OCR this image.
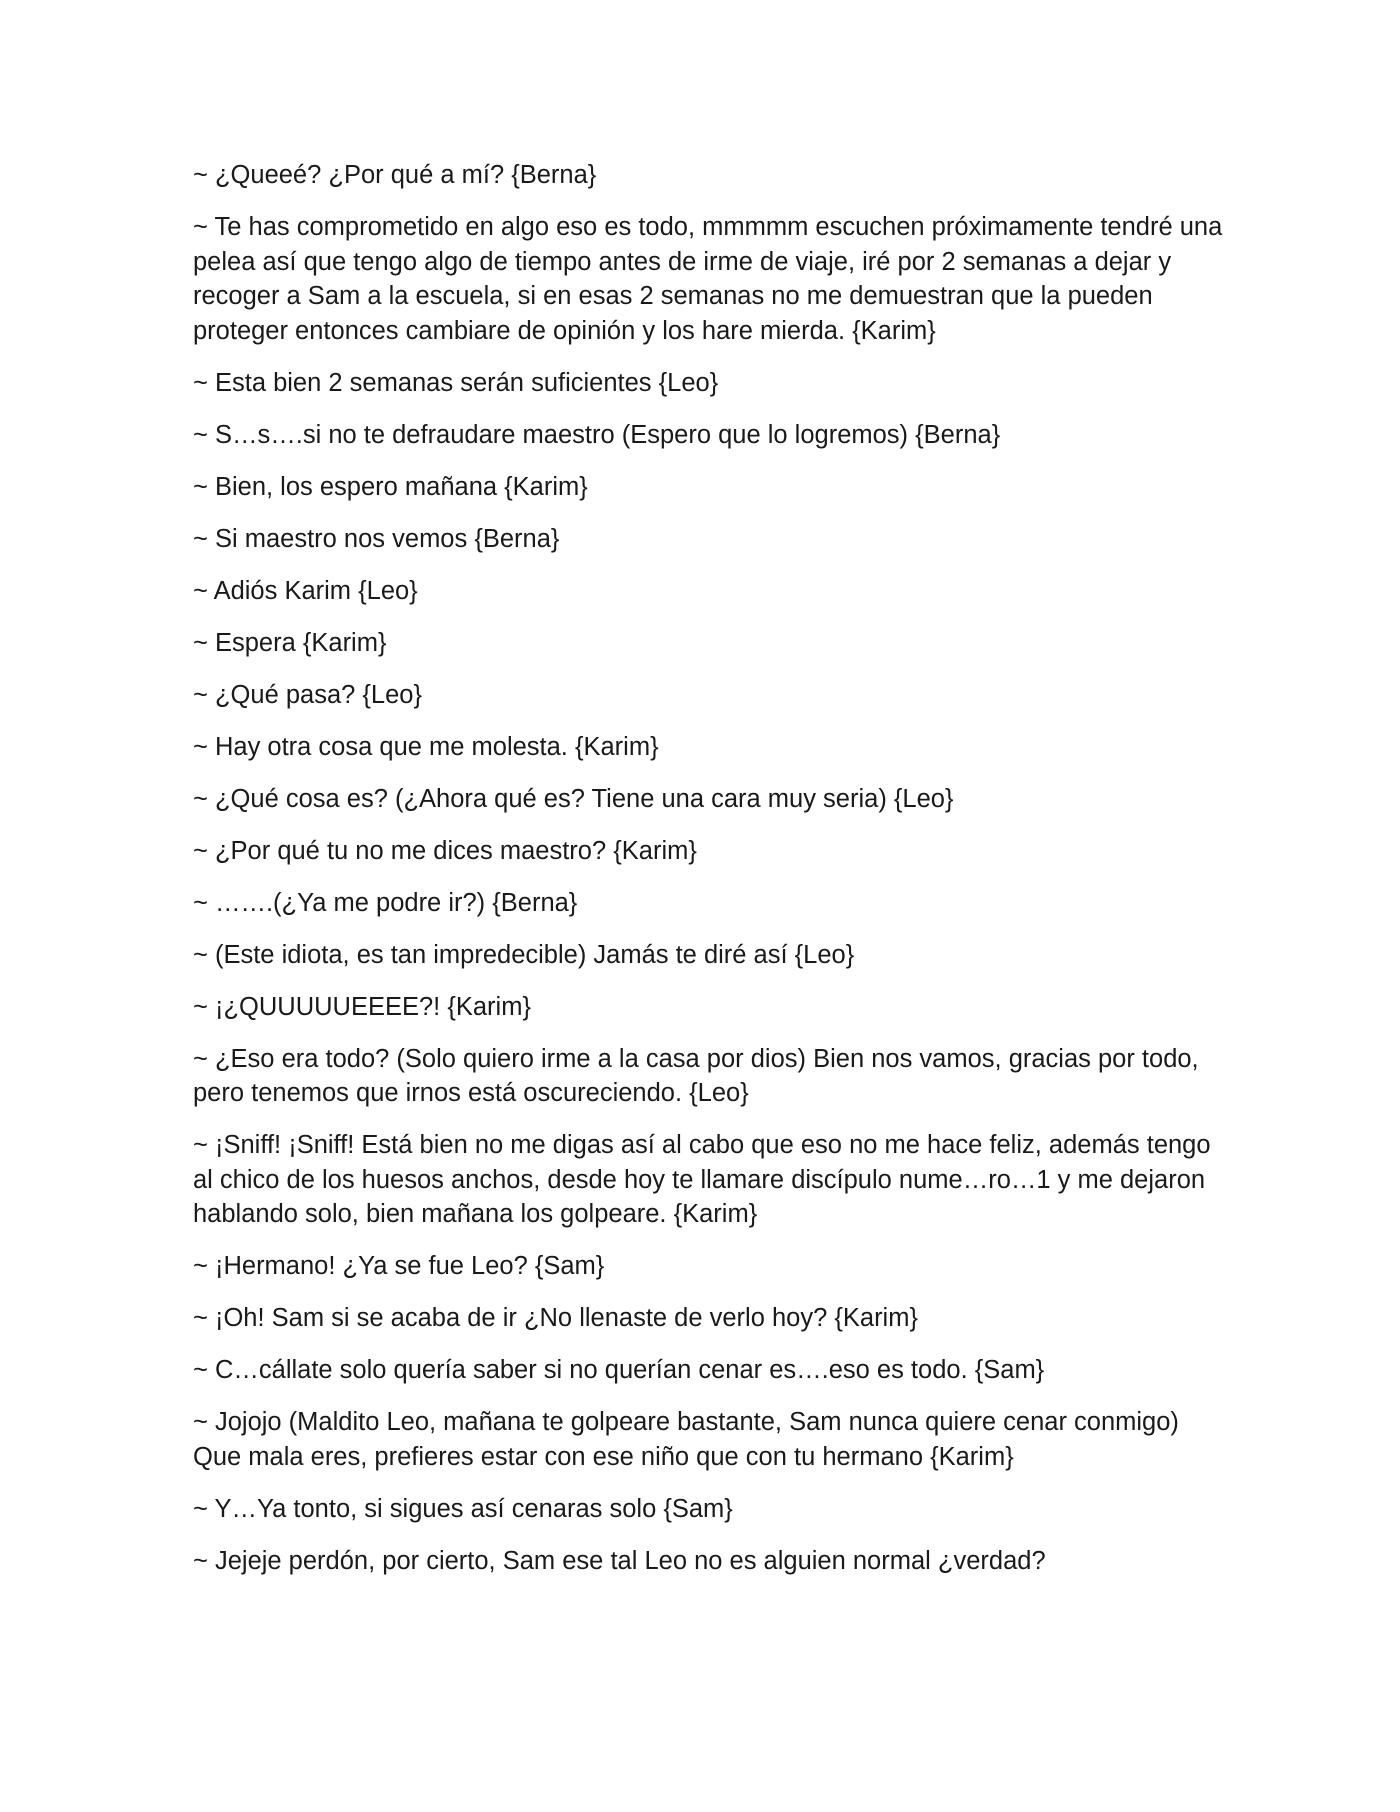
~ ¿Queeé? ¿Por qué a mí? {Berna}

~ Te has comprometido en algo eso es todo, mmmmm escuchen próximamente tendré una pelea así que tengo algo de tiempo antes de irme de viaje, iré por 2 semanas a dejar y recoger a Sam a la escuela, si en esas 2 semanas no me demuestran que la pueden proteger entonces cambiare de opinión y los hare mierda. {Karim}

~ Esta bien 2 semanas serán suficientes {Leo}

~ S…s….si no te defraudare maestro (Espero que lo logremos) {Berna}

~ Bien, los espero mañana {Karim}

~ Si maestro nos vemos {Berna}

~ Adiós Karim {Leo}

~ Espera {Karim}

~ ¿Qué pasa? {Leo}

~ Hay otra cosa que me molesta. {Karim}

~ ¿Qué cosa es? (¿Ahora qué es? Tiene una cara muy seria) {Leo}

~ ¿Por qué tu no me dices maestro? {Karim}

~ …….(¿Ya me podre ir?) {Berna}

~ (Este idiota, es tan impredecible) Jamás te diré así {Leo}

~ ¡¿QUUUUUEEEE?! {Karim}

~ ¿Eso era todo? (Solo quiero irme a la casa por dios) Bien nos vamos, gracias por todo, pero tenemos que irnos está oscureciendo. {Leo}

~ ¡Sniff! ¡Sniff! Está bien no me digas así al cabo que eso no me hace feliz, además tengo al chico de los huesos anchos, desde hoy te llamare discípulo nume…ro…1 y me dejaron hablando solo, bien mañana los golpeare. {Karim}

~ ¡Hermano! ¿Ya se fue Leo? {Sam}

~ ¡Oh! Sam si se acaba de ir ¿No llenaste de verlo hoy? {Karim}

~ C…cállate solo quería saber si no querían cenar es….eso es todo. {Sam}

~ Jojojo (Maldito Leo, mañana te golpeare bastante, Sam nunca quiere cenar conmigo) Que mala eres, prefieres estar con ese niño que con tu hermano {Karim}

~ Y…Ya tonto, si sigues así cenaras solo {Sam}

~ Jejeje perdón, por cierto, Sam ese tal Leo no es alguien normal ¿verdad?
